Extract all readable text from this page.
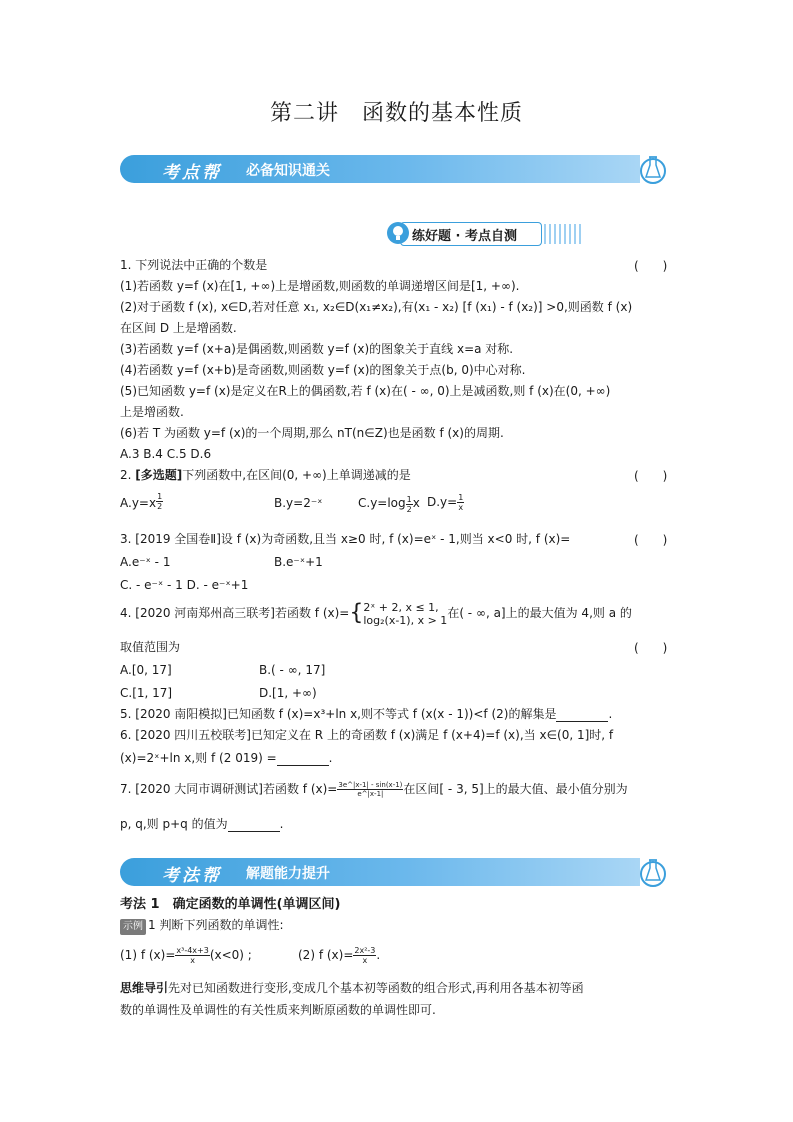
第二讲　函数的基本性质
考点帮 必备知识通关
练好题 · 考点自测
1. 下列说法中正确的个数是	(　　)
(1)若函数 y=f (x)在[1, +∞)上是增函数,则函数的单调递增区间是[1, +∞).
(2)对于函数 f (x), x∈D,若对任意 x₁, x₂∈D(x₁≠x₂),有(x₁ - x₂) [f (x₁) - f (x₂)] >0,则函数 f (x)
在区间 D 上是增函数.
(3)若函数 y=f (x+a)是偶函数,则函数 y=f (x)的图象关于直线 x=a 对称.
(4)若函数 y=f (x+b)是奇函数,则函数 y=f (x)的图象关于点(b, 0)中心对称.
(5)已知函数 y=f (x)是定义在R上的偶函数,若 f (x)在( - ∞, 0)上是减函数,则 f (x)在(0, +∞)
上是增函数.
(6)若 T 为函数 y=f (x)的一个周期,那么 nT(n∈Z)也是函数 f (x)的周期.
A.3 B.4 C.5 D.6
2. [多选题]下列函数中,在区间(0, +∞)上单调递减的是	(　　)
$A.y=x \frac{1}{2}$	B.y=2⁻ˣ	$C.y=\log \frac{1}{2}$ x $D.y= \frac{1}{x}$
3. [2019 全国卷Ⅱ]设 f (x)为奇函数,且当 x≥0 时, f (x)=eˣ - 1,则当 x<0 时, f (x)=	(　　)
A.e⁻ˣ - 1	B.e⁻ˣ+1
C. - e⁻ˣ - 1 D. - e⁻ˣ+1
4. [2020 河南郑州高三联考]若函数 f (x)={ 2ˣ + 2, x ≤ 1,
log₂(x-1), x > 1 在( - ∞, a]上的最大值为 4,则 a 的
取值范围为	(　　)
A.[0, 17]	B.( - ∞, 17]
C.[1, 17]	D.[1, +∞)
5. [2020 南阳模拟]已知函数 f (x)=x³+ln x,则不等式 f (x(x - 1))<f (2)的解集是	.
6. [2020 四川五校联考]已知定义在 R 上的奇函数 f (x)满足 f (x+4)=f (x),当 x∈(0, 1]时, f
(x)=2ˣ+ln x,则 f (2 019) =	.
7. [2020 大同市调研测试]若函数 f $(x)= \frac{3e\^{}|x-1| - \sin(x-1)}{e\^{}|x-1|}$ 在区间[ - 3, 5]上的最大值、最小值分别为
p, q,则 p+q 的值为	.
考法帮 解题能力提升
考法 1　确定函数的单调性(单调区间)
示例 1 判断下列函数的单调性:
(1) f $(x)= \frac{\text{x³-4x+3}}{x} (x<0)$ ;	(2) f $(x)= \frac{\text{2x²-3}}{x}$ .
思维导引先对已知函数进行变形,变成几个基本初等函数的组合形式,再利用各基本初等函
数的单调性及单调性的有关性质来判断原函数的单调性即可.
